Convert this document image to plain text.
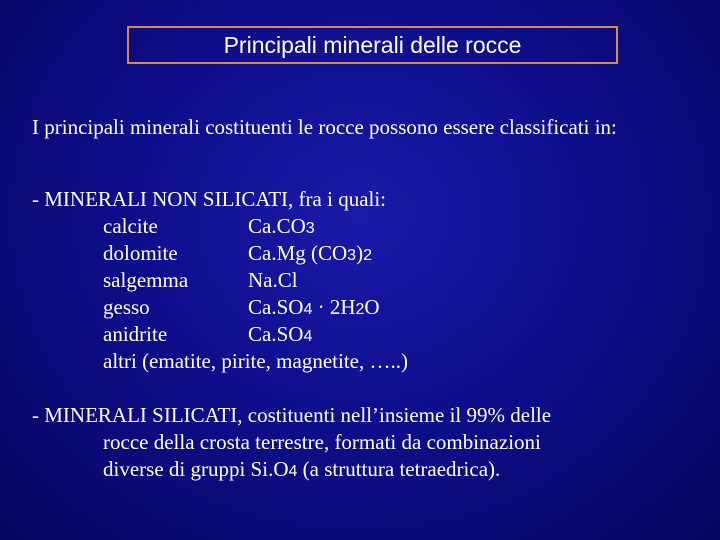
Principali minerali delle rocce
I principali minerali costituenti le rocce possono essere classificati in:
- MINERALI NON SILICATI, fra i quali:
calcite	Ca.CO3
dolomite	Ca.Mg (CO3)2
salgemma	Na.Cl
gesso	Ca.SO4 · 2H2O
anidrite	Ca.SO4
altri (ematite, pirite, magnetite, …..)
- MINERALI SILICATI, costituenti nell’insieme il 99% delle
rocce della crosta terrestre, formati da combinazioni
diverse di gruppi Si.O4 (a struttura tetraedrica).
